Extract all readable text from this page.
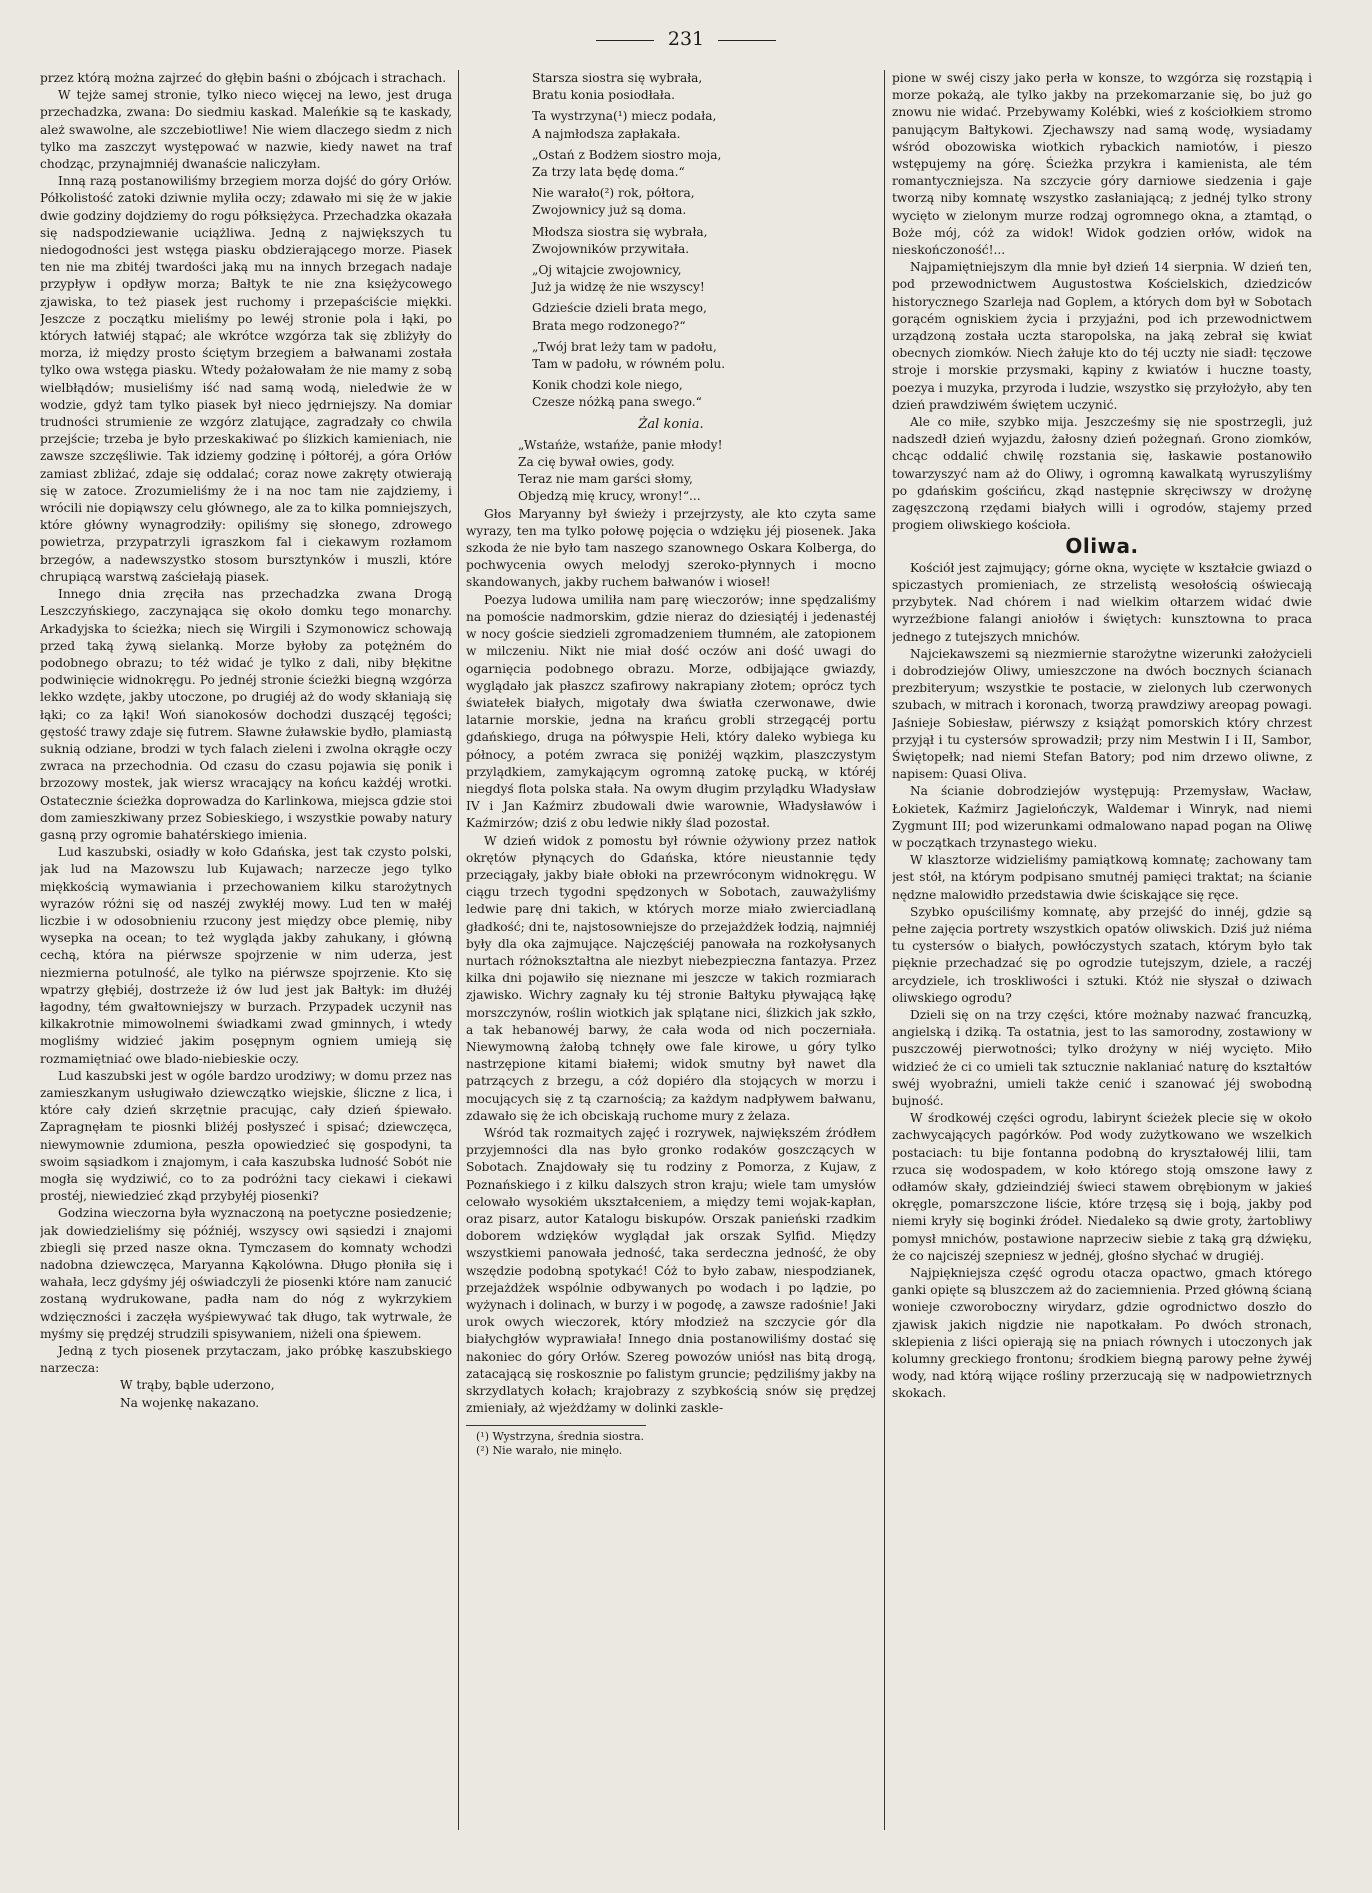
231

przez którą można zajrzeć do głębin baśni o zbójcach i strachach.

W tejże samej stronie, tylko nieco więcej na lewo, jest druga przechadzka, zwana: Do siedmiu kaskad. Maleńkie są te kaskady, ależ swawolne, ale szczebiotliwe! Nie wiem dlaczego siedm z nich tylko ma zaszczyt występować w nazwie, kiedy nawet na traf chodząc, przynajmniéj dwanaście naliczyłam.

Inną razą postanowiliśmy brzegiem morza dojść do góry Orłów. Półkolistość zatoki dziwnie myliła oczy; zdawało mi się że w jakie dwie godziny dojdziemy do rogu półksiężyca. Przechadzka okazała się nadspodziewanie uciążliwa. Jedną z największych tu niedogodności jest wstęga piasku obdzierającego morze. Piasek ten nie ma zbitéj twardości jaką mu na innych brzegach nadaje przypływ i opdływ morza; Bałtyk te nie zna księżycowego zjawiska, to też piasek jest ruchomy i przepaściście miękki. Jeszcze z początku mieliśmy po lewéj stronie pola i łąki, po których łatwiéj stąpać; ale wkrótce wzgórza tak się zbliżyły do morza, iż między prosto ściętym brzegiem a bałwanami została tylko owa wstęga piasku. Wtedy pożałowałam że nie mamy z sobą wielbłądów; musieliśmy iść nad samą wodą, nieledwie że w wodzie, gdyż tam tylko piasek był nieco jędrniejszy. Na domiar trudności strumienie ze wzgórz zlatujące, zagradzały co chwila przejście; trzeba je było przeskakiwać po ślizkich kamieniach, nie zawsze szczęśliwie. Tak idziemy godzinę i półtoréj, a góra Orłów zamiast zbliżać, zdaje się oddalać; coraz nowe zakręty otwierają się w zatoce. Zrozumieliśmy że i na noc tam nie zajdziemy, i wrócili nie dopiąwszy celu głównego, ale za to kilka pomniejszych, które główny wynagrodziły: opiliśmy się słonego, zdrowego powietrza, przypatrzyli igraszkom fal i ciekawym rozłamom brzegów, a nadewszystko stosom bursztynków i muszli, które chrupiącą warstwą zaściełają piasek.

Innego dnia zręciła nas przechadzka zwana Drogą Leszczyńskiego, zaczynająca się około domku tego monarchy. Arkadyjska to ścieżka; niech się Wirgili i Szymonowicz schowają przed taką żywą sielanką. Morze byłoby za potężném do podobnego obrazu; to téż widać je tylko z dali, niby błękitne podwinięcie widnokręgu. Po jednéj stronie ścieżki biegną wzgórza lekko wzdęte, jakby utoczone, po drugiéj aż do wody skłaniają się łąki; co za łąki! Woń sianokosów dochodzi duszącéj tęgości; gęstość trawy zdaje się futrem. Sławne żuławskie bydło, plamiastą suknią odziane, brodzi w tych falach zieleni i zwolna okrągłe oczy zwraca na przechodnia. Od czasu do czasu pojawia się ponik i brzozowy mostek, jak wiersz wracający na końcu każdéj wrotki. Ostatecznie ścieżka doprowadza do Karlinkowa, miejsca gdzie stoi dom zamieszkiwany przez Sobieskiego, i wszystkie powaby natury gasną przy ogromie bahatérskiego imienia.

Lud kaszubski, osiadły w koło Gdańska, jest tak czysto polski, jak lud na Mazowszu lub Kujawach; narzecze jego tylko miękkością wymawiania i przechowaniem kilku starożytnych wyrazów różni się od naszéj zwykłéj mowy. Lud ten w małéj liczbie i w odosobnieniu rzucony jest między obce plemię, niby wysepka na ocean; to też wygląda jakby zahukany, i główną cechą, która na piérwsze spojrzenie w nim uderza, jest niezmierna potulność, ale tylko na piérwsze spojrzenie. Kto się wpatrzy głębiéj, dostrzeże iż ów lud jest jak Bałtyk: im dłużéj łagodny, tém gwałtowniejszy w burzach. Przypadek uczynił nas kilkakrotnie mimowolnemi świadkami zwad gminnych, i wtedy mogliśmy widzieć jakim posępnym ogniem umieją się rozmamiętniać owe blado-niebieskie oczy.

Lud kaszubski jest w ogóle bardzo urodziwy; w domu przez nas zamieszkanym usługiwało dziewczątko wiejskie, śliczne z lica, i które cały dzień skrzętnie pracując, cały dzień śpiewało. Zapragnęłam te piosnki bliżéj posłyszeć i spisać; dziewczęca, niewymownie zdumiona, peszła opowiedzieć się gospodyni, ta swoim sąsiadkom i znajomym, i cała kaszubska ludność Sobót nie mogła się wydziwić, co to za podróżni tacy ciekawi i ciekawi prostéj, niewiedzieć zkąd przybyłéj piosenki?

Godzina wieczorna była wyznaczoną na poetyczne posiedzenie; jak dowiedzieliśmy się późniéj, wszyscy owi sąsiedzi i znajomi zbiegli się przed nasze okna. Tymczasem do komnaty wchodzi nadobna dziewczęca, Maryanna Kąkolówna. Długo płoniła się i wahała, lecz gdyśmy jéj oświadczyli że piosenki które nam zanucić zostaną wydrukowane, padła nam do nóg z wykrzykiem wdzięczności i zaczęła wyśpiewywać tak długo, tak wytrwale, że myśmy się prędzéj strudzili spisywaniem, niżeli ona śpiewem.

Jedną z tych piosenek przytaczam, jako próbkę kaszubskiego narzecza:

W trąby, bąble uderzono,
Na wojenkę nakazano.
Starsza siostra się wybrała,
Bratu konia posiodłała.
Ta wystrzyna(¹) miecz podała,
A najmłodsza zapłakała.
„Ostań z Bodżem siostro moja,
Za trzy lata będę doma.“
Nie warało(²) rok, półtora,
Zwojownicy już są doma.
Młodsza siostra się wybrała,
Zwojowników przywitała.
„Oj witajcie zwojownicy,
Już ja widzę że nie wszyscy!
Gdzieście dzieli brata mego,
Brata mego rodzonego?“
„Twój brat leży tam w padołu,
Tam w padołu, w równém polu.
Konik chodzi kole niego,
Czesze nóżką pana swego.“
Żal konia.
„Wstańże, wstańże, panie młody!
Za cię bywał owies, gody.
Teraz nie mam garści słomy,
Objedzą mię krucy, wrony!“...

Głos Maryanny był świeży i przejrzysty, ale kto czyta same wyrazy, ten ma tylko połowę pojęcia o wdzięku jéj piosenek. Jaka szkoda że nie było tam naszego szanownego Oskara Kolberga, do pochwycenia owych melodyj szeroko-płynnych i mocno skandowanych, jakby ruchem bałwanów i wioseł!

Poezya ludowa umiliła nam parę wieczorów; inne spędzaliśmy na pomoście nadmorskim, gdzie nieraz do dziesiątéj i jedenastéj w nocy goście siedzieli zgromadzeniem tłumném, ale zatopionem w milczeniu. Nikt nie miał dość oczów ani dość uwagi do ogarnięcia podobnego obrazu. Morze, odbijające gwiazdy, wyglądało jak płaszcz szafirowy nakrapiany złotem; oprócz tych światełek białych, migotały dwa światła czerwonawe, dwie latarnie morskie, jedna na krańcu grobli strzegącéj portu gdańskiego, druga na półwyspie Heli, który daleko wybiega ku północy, a potém zwraca się poniżéj wązkim, plaszczystym przylądkiem, zamykającym ogromną zatokę pucką, w któréj niegdyś flota polska stała. Na owym długim przylądku Władysław IV i Jan Kaźmirz zbudowali dwie warownie, Władysławów i Kaźmirzów; dziś z obu ledwie nikły ślad pozostał.

W dzień widok z pomostu był równie ożywiony przez natłok okrętów płynących do Gdańska, które nieustannie tędy przeciągały, jakby białe obłoki na przewróconym widnokręgu. W ciągu trzech tygodni spędzonych w Sobotach, zauważyliśmy ledwie parę dni takich, w których morze miało zwierciadlaną gładkość; dni te, najstosowniejsze do przejażdżek łodzią, najmniéj były dla oka zajmujące. Najczęściéj panowała na rozkołysanych nurtach różnokształtna ale niezbyt niebezpieczna fantazya. Przez kilka dni pojawiło się nieznane mi jeszcze w takich rozmiarach zjawisko. Wichry zagnały ku téj stronie Bałtyku pływającą łąkę morszczynów, roślin wiotkich jak splątane nici, ślizkich jak szkło, a tak hebanowéj barwy, że cała woda od nich poczerniała. Niewymowną żałobą tchnęły owe fale kirowe, u góry tylko nastrzępione kitami białemi; widok smutny był nawet dla patrzących z brzegu, a cóż dopiéro dla stojących w morzu i mocujących się z tą czarnością; za każdym nadpływem bałwanu, zdawało się że ich obciskają ruchome mury z żelaza.

Wśród tak rozmaitych zajęć i rozrywek, największém źródłem przyjemności dla nas było gronko rodaków goszczących w Sobotach. Znajdowały się tu rodziny z Pomorza, z Kujaw, z Poznańskiego i z kilku dalszych stron kraju; wiele tam umysłów celowało wysokiém ukształceniem, a między temi wojak-kapłan, oraz pisarz, autor Katalogu biskupów. Orszak panieński rzadkim doborem wdzięków wyglądał jak orszak Sylfid. Między wszystkiemi panowała jedność, taka serdeczna jedność, że oby wszędzie podobną spotykać! Cóż to było zabaw, niespodzianek, przejażdżek wspólnie odbywanych po wodach i po lądzie, po wyżynach i dolinach, w burzy i w pogodę, a zawsze radośnie! Jaki urok owych wieczorek, który młodzież na szczycie gór dla białychgłów wyprawiała! Innego dnia postanowiliśmy dostać się nakoniec do góry Orłów. Szereg powozów uniósł nas bitą drogą, zatacającą się roskosznie po falistym gruncie; pędziliśmy jakby na skrzydlatych kołach; krajobrazy z szybkością snów się prędzej zmieniały, aż wjeżdżamy w dolinki zaskle-

(¹) Wystrzyna, średnia siostra.

(²) Nie warało, nie minęło.

pione w swéj ciszy jako perła w konsze, to wzgórza się rozstąpią i morze pokażą, ale tylko jakby na przekomarzanie się, bo już go znowu nie widać. Przebywamy Kolébki, wieś z kościołkiem stromo panującym Bałtykowi. Zjechawszy nad samą wodę, wysiadamy wśród obozowiska wiotkich rybackich namiotów, i pieszo wstępujemy na górę. Ścieżka przykra i kamienista, ale tém romantyczniejsza. Na szczycie góry darniowe siedzenia i gaje tworzą niby komnatę wszystko zasłaniającą; z jednéj tylko strony wycięto w zielonym murze rodzaj ogromnego okna, a ztamtąd, o Boże mój, cóż za widok! Widok godzien orłów, widok na nieskończoność!...

Najpamiętniejszym dla mnie był dzień 14 sierpnia. W dzień ten, pod przewodnictwem Augustostwa Kościelskich, dziedziców historycznego Szarleja nad Goplem, a których dom był w Sobotach gorącém ogniskiem życia i przyjaźni, pod ich przewodnictwem urządzoną została uczta staropolska, na jaką zebrał się kwiat obecnych ziomków. Niech żałuje kto do téj uczty nie siadł: tęczowe stroje i morskie przysmaki, kąpiny z kwiatów i huczne toasty, poezya i muzyka, przyroda i ludzie, wszystko się przyłożyło, aby ten dzień prawdziwém świętem uczynić.

Ale co miłe, szybko mija. Jeszcześmy się nie spostrzegli, już nadszedł dzień wyjazdu, żałosny dzień pożegnań. Grono ziomków, chcąc oddalić chwilę rozstania się, łaskawie postanowiło towarzyszyć nam aż do Oliwy, i ogromną kawalkatą wyruszyliśmy po gdańskim gościńcu, zkąd następnie skręciwszy w drożynę zagęszczoną rzędami białych willi i ogrodów, stajemy przed progiem oliwskiego kościoła.

Oliwa.

Kościół jest zajmujący; górne okna, wycięte w kształcie gwiazd o spiczastych promieniach, ze strzelistą wesołością oświecają przybytek. Nad chórem i nad wielkim ołtarzem widać dwie wyrzeźbione falangi aniołów i świętych: kunsztowna to praca jednego z tutejszych mnichów.

Najciekawszemi są niezmiernie starożytne wizerunki założycieli i dobrodziejów Oliwy, umieszczone na dwóch bocznych ścianach prezbiteryum; wszystkie te postacie, w zielonych lub czerwonych szubach, w mitrach i koronach, tworzą prawdziwy areopag powagi. Jaśnieje Sobiesław, piérwszy z książąt pomorskich który chrzest przyjął i tu cystersów sprowadził; przy nim Mestwin I i II, Sambor, Świętopełk; nad niemi Stefan Batory; pod nim drzewo oliwne, z napisem: Quasi Oliva.

Na ścianie dobrodziejów występują: Przemysław, Wacław, Łokietek, Kaźmirz Jagielończyk, Waldemar i Winryk, nad niemi Zygmunt III; pod wizerunkami odmalowano napad pogan na Oliwę w początkach trzynastego wieku.

W klasztorze widzieliśmy pamiątkową komnatę; zachowany tam jest stół, na którym podpisano smutnéj pamięci traktat; na ścianie nędzne malowidło przedstawia dwie ściskające się ręce.

Szybko opuściliśmy komnatę, aby przejść do innéj, gdzie są pełne zajęcia portrety wszystkich opatów oliwskich. Dziś już niéma tu cystersów o białych, powłóczystych szatach, którym było tak pięknie przechadzać się po ogrodzie tutejszym, dziele, a raczéj arcydziele, ich troskliwości i sztuki. Któż nie słyszał o dziwach oliwskiego ogrodu?

Dzieli się on na trzy części, które możnaby nazwać francuzką, angielską i dziką. Ta ostatnia, jest to las samorodny, zostawiony w puszczowéj pierwotności; tylko drożyny w niéj wycięto. Miło widzieć że ci co umieli tak sztucznie naklaniać naturę do kształtów swéj wyobraźni, umieli także cenić i szanować jéj swobodną bujność.

W środkowéj części ogrodu, labirynt ścieżek plecie się w około zachwycających pagórków. Pod wody zużytkowano we wszelkich postaciach: tu bije fontanna podobną do kryształowéj lilii, tam rzuca się wodospadem, w koło którego stoją omszone ławy z odłamów skały, gdzieindziéj świeci stawem obrębionym w jakieś okręgle, pomarszczone liście, które trzęsą się i boją, jakby pod niemi kryły się boginki źródeł. Niedaleko są dwie groty, żartobliwy pomysł mnichów, postawione naprzeciw siebie z taką grą dźwięku, że co najciszéj szepniesz w jednéj, głośno słychać w drugiéj.

Najpiękniejsza część ogrodu otacza opactwo, gmach którego ganki opięte są bluszczem aż do zaciemnienia. Przed główną ścianą wonieje czworoboczny wirydarz, gdzie ogrodnictwo doszło do zjawisk jakich nigdzie nie napotkałam. Po dwóch stronach, sklepienia z liści opierają się na pniach równych i utoczonych jak kolumny greckiego frontonu; środkiem biegną parowy pełne żywéj wody, nad którą wijące rośliny przerzucają się w nadpowietrznych skokach.
